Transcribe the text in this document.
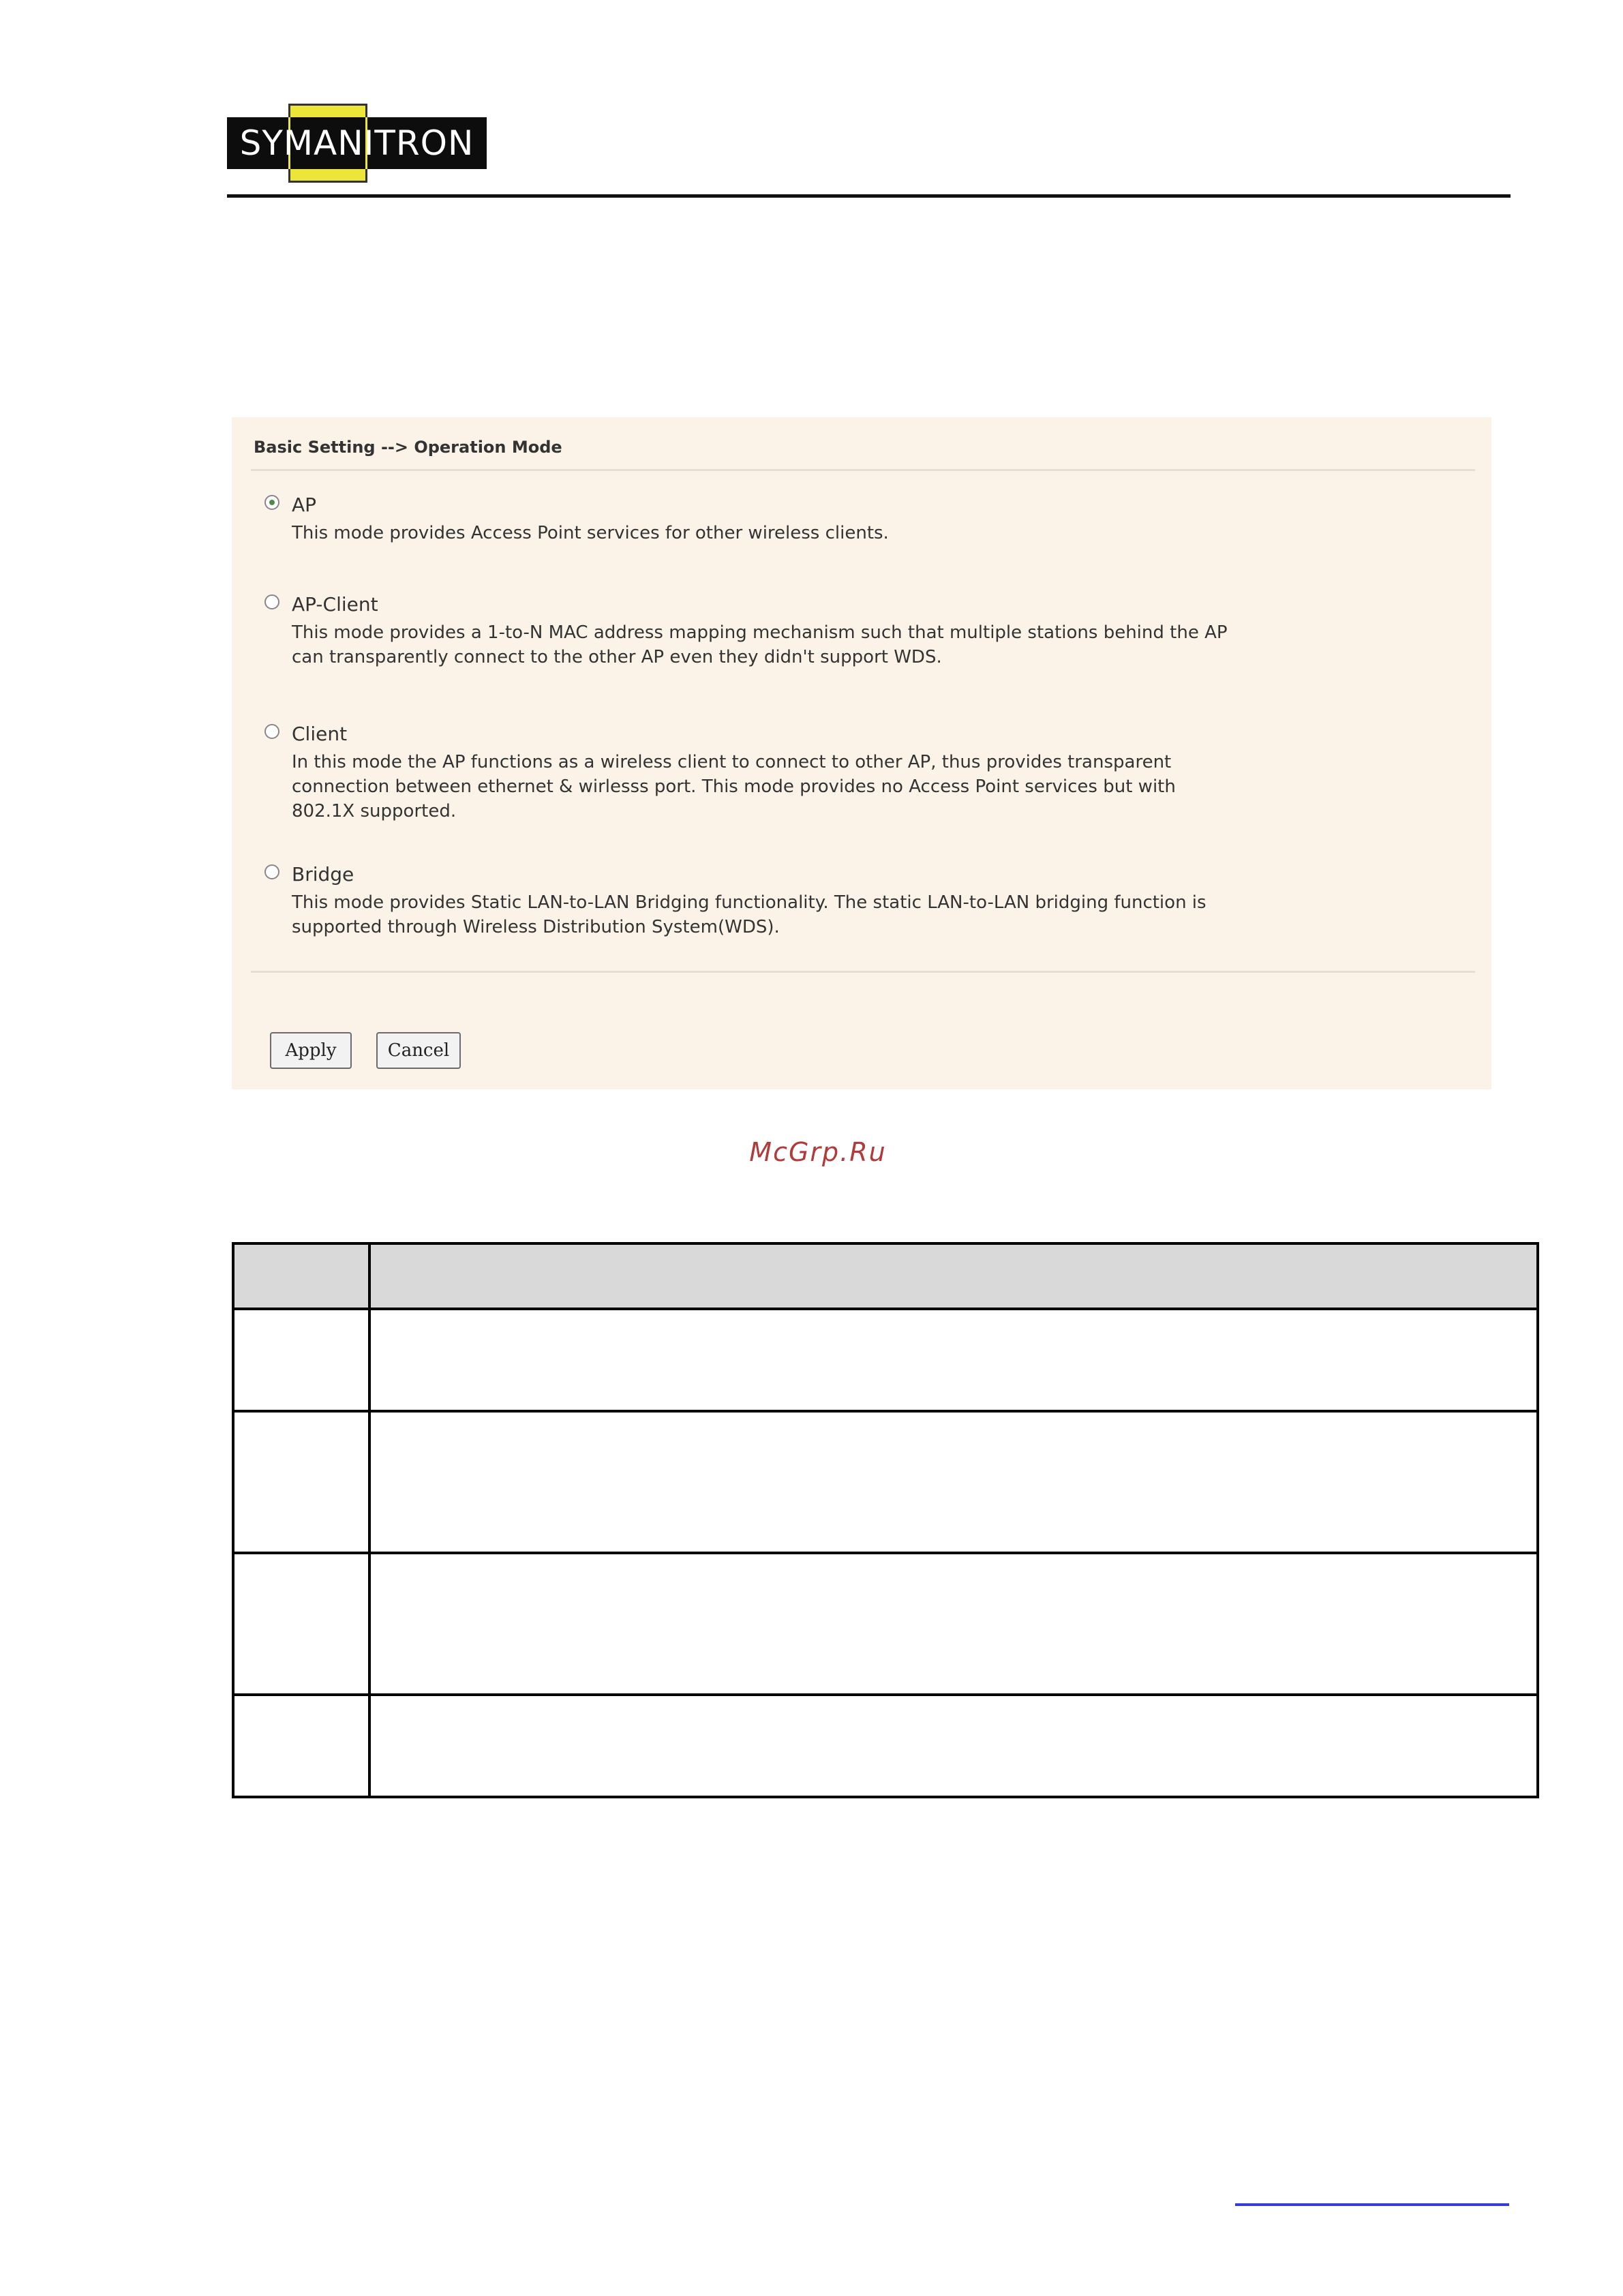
SYMANITRON
Basic Setting --> Operation Mode
AP
This mode provides Access Point services for other wireless clients.
AP-Client
This mode provides a 1-to-N MAC address mapping mechanism such that multiple stations behind the AP
can transparently connect to the other AP even they didn't support WDS.
Client
In this mode the AP functions as a wireless client to connect to other AP, thus provides transparent
connection between ethernet & wirlesss port. This mode provides no Access Point services but with
802.1X supported.
Bridge
This mode provides Static LAN-to-LAN Bridging functionality. The static LAN-to-LAN bridging function is
supported through Wireless Distribution System(WDS).
Apply	Cancel
McGrp.Ru
